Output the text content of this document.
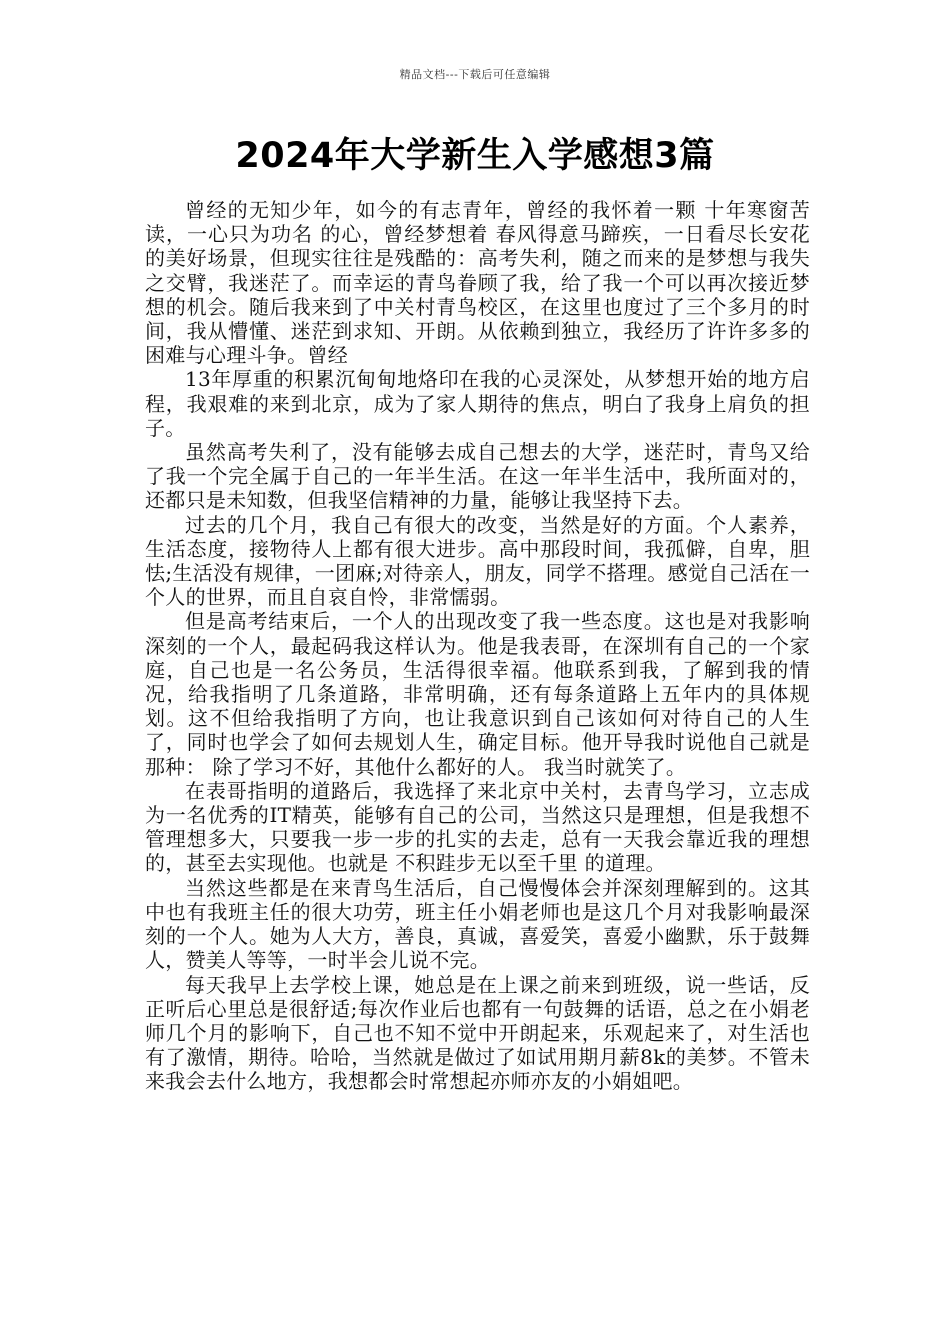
精品文档---下载后可任意编辑
2024年大学新生入学感想3篇

曾经的无知少年，如今的有志青年，曾经的我怀着一颗 十年寒窗苦读，一心只为功名 的心，曾经梦想着 春风得意马蹄疾，一日看尽长安花 的美好场景，但现实往往是残酷的：高考失利，随之而来的是梦想与我失之交臂，我迷茫了。而幸运的青鸟眷顾了我，给了我一个可以再次接近梦想的机会。随后我来到了中关村青鸟校区，在这里也度过了三个多月的时间，我从懵懂、迷茫到求知、开朗。从依赖到独立，我经历了许许多多的困难与心理斗争。曾经

13年厚重的积累沉甸甸地烙印在我的心灵深处，从梦想开始的地方启程，我艰难的来到北京，成为了家人期待的焦点，明白了我身上肩负的担子。

虽然高考失利了，没有能够去成自己想去的大学，迷茫时，青鸟又给了我一个完全属于自己的一年半生活。在这一年半生活中，我所面对的，还都只是未知数，但我坚信精神的力量，能够让我坚持下去。

过去的几个月，我自己有很大的改变，当然是好的方面。个人素养，生活态度，接物待人上都有很大进步。高中那段时间，我孤僻，自卑，胆怯;生活没有规律，一团麻;对待亲人，朋友，同学不搭理。感觉自己活在一个人的世界，而且自哀自怜，非常懦弱。

但是高考结束后，一个人的出现改变了我一些态度。这也是对我影响深刻的一个人，最起码我这样认为。他是我表哥，在深圳有自己的一个家庭，自己也是一名公务员，生活得很幸福。他联系到我，了解到我的情况，给我指明了几条道路，非常明确，还有每条道路上五年内的具体规划。这不但给我指明了方向，也让我意识到自己该如何对待自己的人生了，同时也学会了如何去规划人生，确定目标。他开导我时说他自己就是那种： 除了学习不好，其他什么都好的人。 我当时就笑了。

在表哥指明的道路后，我选择了来北京中关村，去青鸟学习，立志成为一名优秀的IT精英，能够有自己的公司，当然这只是理想，但是我想不管理想多大，只要我一步一步的扎实的去走，总有一天我会靠近我的理想的，甚至去实现他。也就是 不积跬步无以至千里 的道理。

当然这些都是在来青鸟生活后，自己慢慢体会并深刻理解到的。这其中也有我班主任的很大功劳，班主任小娟老师也是这几个月对我影响最深刻的一个人。她为人大方，善良，真诚，喜爱笑，喜爱小幽默，乐于鼓舞人，赞美人等等，一时半会儿说不完。

每天我早上去学校上课，她总是在上课之前来到班级，说一些话，反正听后心里总是很舒适;每次作业后也都有一句鼓舞的话语，总之在小娟老师几个月的影响下，自己也不知不觉中开朗起来，乐观起来了，对生活也有了激情，期待。哈哈，当然就是做过了如试用期月薪8k的美梦。不管未来我会去什么地方，我想都会时常想起亦师亦友的小娟姐吧。
